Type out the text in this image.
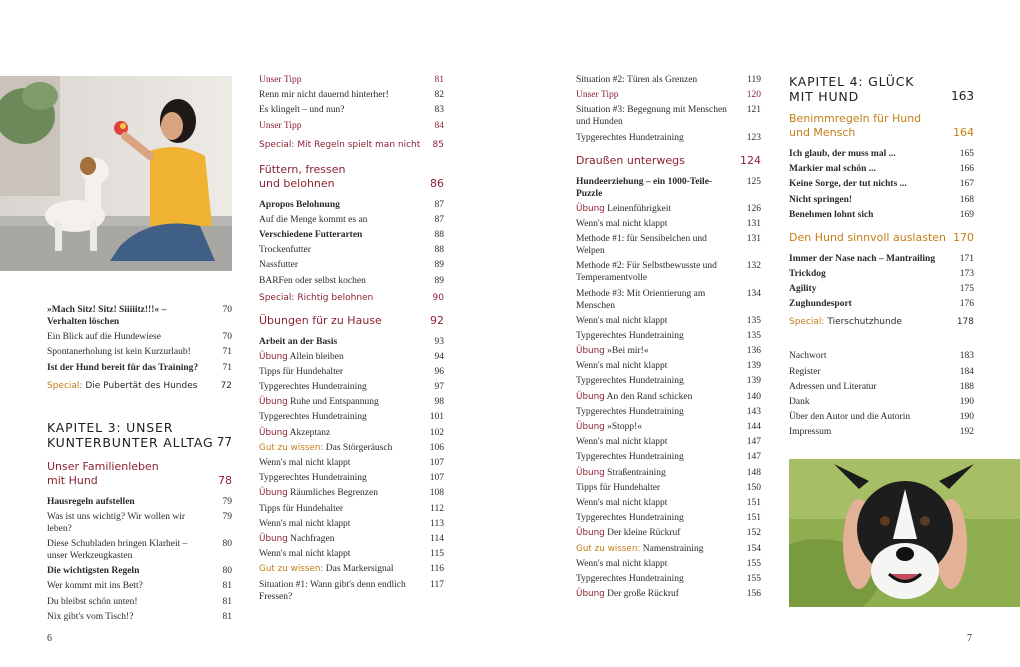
»Mach Sitz! Sitz! Siiiiitz!!!« – Verhalten löschen
70
Ein Blick auf die Hundewiese	70
Spontanerholung ist kein Kurzurlaub!	71
Ist der Hund bereit für das Training?	71
Special: Die Pubertät des Hundes	72
KAPITEL 3: UNSER
KUNTERBUNTER ALLTAG 77
Unser Familienleben
mit Hund	78
Hausregeln aufstellen	79
Was ist uns wichtig? Wir wollen wir leben?
79
Diese Schubladen bringen Klarheit – unser Werkzeugkasten
80
Die wichtigsten Regeln	80
Wer kommt mit ins Bett?	81
Du bleibst schön unten!	81
Nix gibt's vom Tisch!?	81
Unser Tipp	81
Renn mir nicht dauernd hinterher!	82
Es klingelt – und nun?	83
Unser Tipp	84
Special: Mit Regeln spielt man nicht 85
Füttern, fressen
und belohnen	86
Apropos Belohnung	87
Auf die Menge kommt es an	87
Verschiedene Futterarten	88
Trockenfutter	88
Nassfutter	89
BARFen oder selbst kochen	89
Special: Richtig belohnen	90
Übungen für zu Hause	92
Arbeit an der Basis	93
Übung Allein bleiben	94
Tipps für Hundehalter	96
Typgerechtes Hundetraining	97
Übung Ruhe und Entspannung	98
Typgerechtes Hundetraining	101
Übung Akzeptanz	102
Gut zu wissen: Das Störgeräusch	106
Wenn's mal nicht klappt	107
Typgerechtes Hundetraining	107
Übung Räumliches Begrenzen	108
Tipps für Hundehalter	112
Wenn's mal nicht klappt	113
Übung Nachfragen	114
Wenn's mal nicht klappt	115
Gut zu wissen: Das Markersignal	116
Situation #1: Wann gibt's denn endlich Fressen?
117
Situation #2: Türen als Grenzen	119
Unser Tipp	120
Situation #3: Begegnung mit Menschen und Hunden
121
Typgerechtes Hundetraining	123
Draußen unterwegs	124
Hundeerziehung – ein 1000-Teile-Puzzle
125
Übung Leinenführigkeit	126
Wenn's mal nicht klappt	131
Methode #1: für Sensibelchen und Welpen
131
Methode #2: Für Selbstbewusste und Temperamentvolle
132
Methode #3: Mit Orientierung am Menschen
134
Wenn's mal nicht klappt	135
Typgerechtes Hundetraining	135
Übung »Bei mir!«	136
Wenn's mal nicht klappt	139
Typgerechtes Hundetraining	139
Übung An den Rand schicken	140
Typgerechtes Hundetraining	143
Übung »Stopp!«	144
Wenn's mal nicht klappt	147
Typgerechtes Hundetraining	147
Übung Straßentraining	148
Tipps für Hundehalter	150
Wenn's mal nicht klappt	151
Typgerechtes Hundetraining	151
Übung Der kleine Rückruf	152
Gut zu wissen: Namenstraining	154
Wenn's mal nicht klappt	155
Typgerechtes Hundetraining	155
Übung Der große Rückruf	156
KAPITEL 4: GLÜCK
MIT HUND	163
Benimmregeln für Hund
und Mensch	164
Ich glaub, der muss mal ...	165
Markier mal schön ...	166
Keine Sorge, der tut nichts ...	167
Nicht springen!	168
Benehmen lohnt sich	169
Den Hund sinnvoll auslasten 170
Immer der Nase nach – Mantrailing	171
Trickdog	173
Agility	175
Zughundesport	176
Special: Tierschutzhunde	178
Nachwort	183
Register	184
Adressen und Literatur	188
Dank	190
Über den Autor und die Autorin	190
Impressum	192
6	7
